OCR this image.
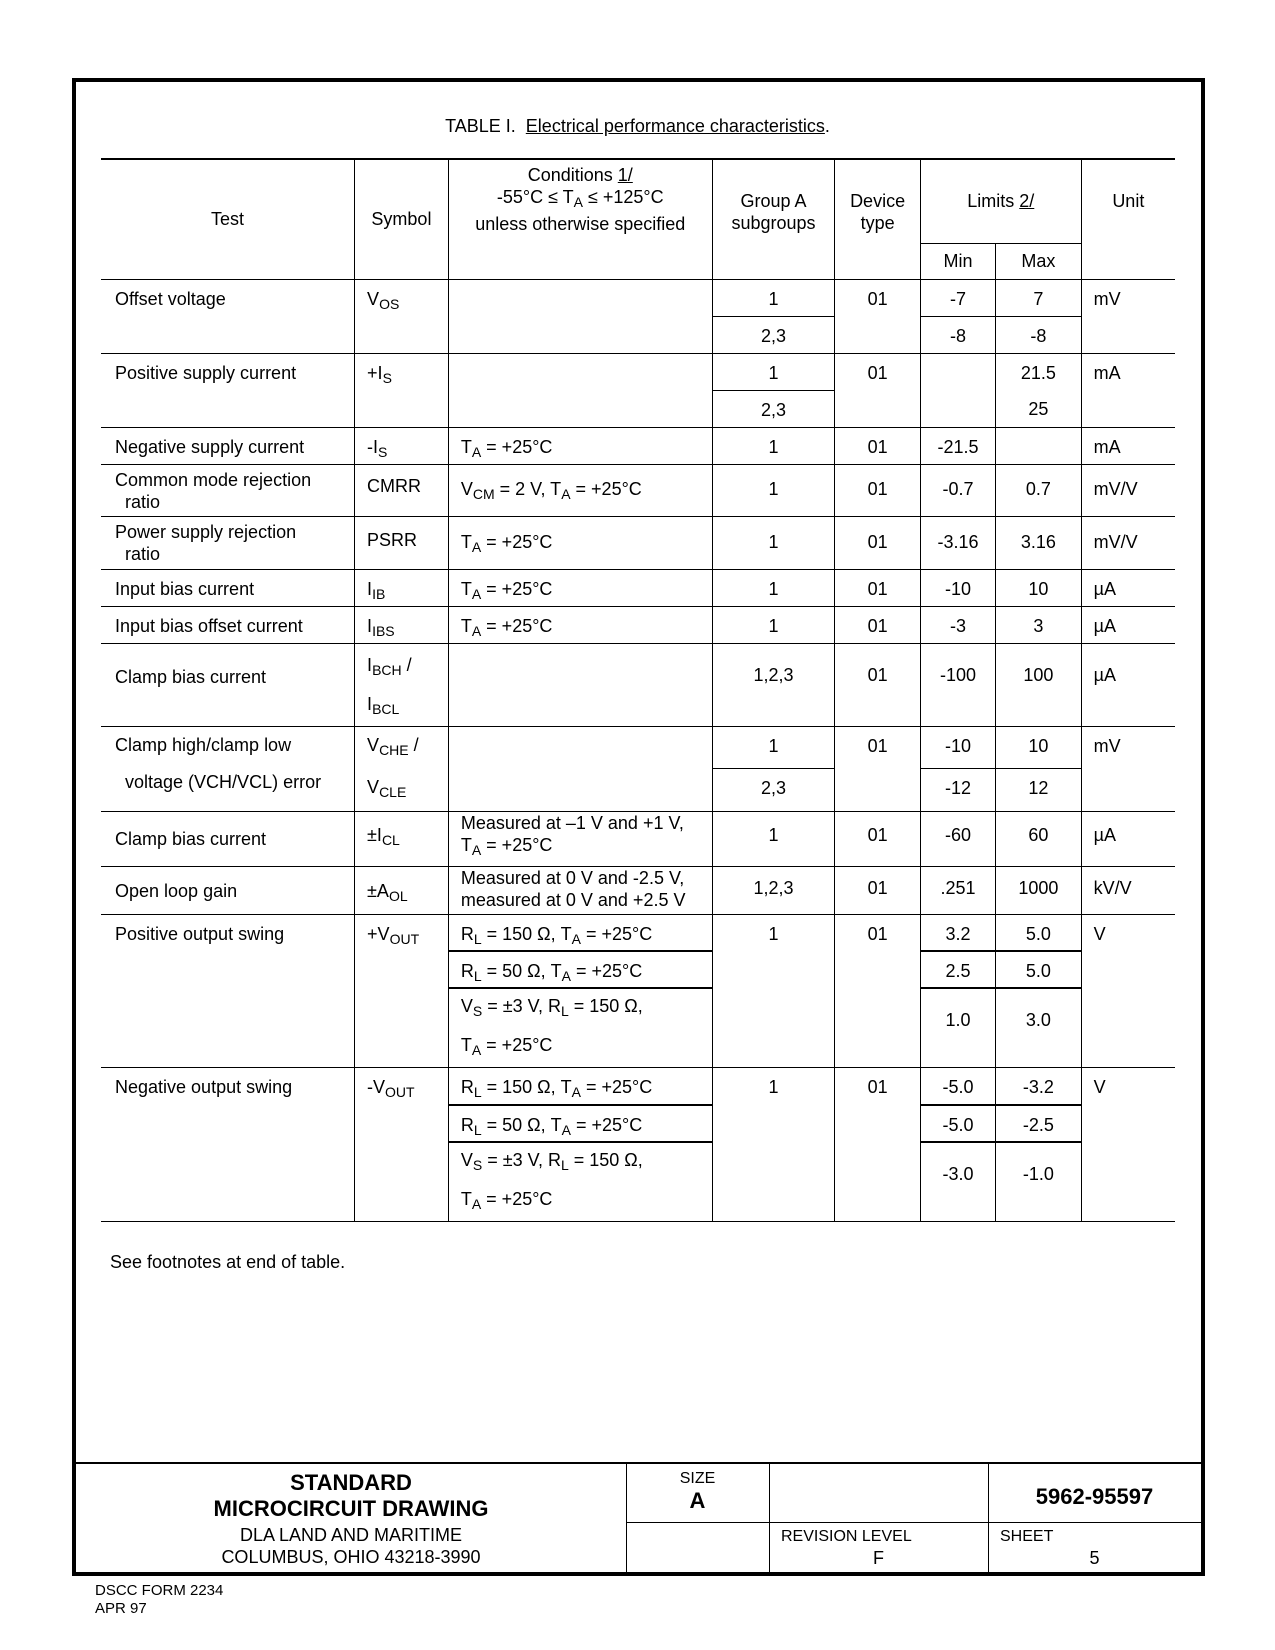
TABLE I. Electrical performance characteristics.
Test	Symbol	Conditions 1/
$-55^\circ C \le T_A \le +125^\circ C$
unless otherwise specified	Group A
subgroups	Device
type	Limits 2/		Unit
					Min	Max	
Offset voltage	$V_{OS}$		1	01	-7	7	mV
			2,3		-8	-8	
Positive supply current	$+I_S$		1	01		21.5	mA
			2,3			25	
Negative supply current	$-I_S$	$T_A = +25^\circ C$	1	01	-21.5		mA
Common mode rejection
ratio	CMRR	$V_{CM} = 2$ V, $T_A = +25^\circ C$	1	01	-0.7	0.7	mV/V
Power supply rejection
ratio	PSRR	$T_A = +25^\circ C$	1	01	-3.16	3.16	mV/V
Input bias current	$I_{IB}$	$T_A = +25^\circ C$	1	01	-10	10	µA
Input bias offset current	$I_{IBS}$	$T_A = +25^\circ C$	1	01	-3	3	µA
Clamp bias current	$I_{BCH}$ /
$I_{BCL}$		1,2,3	01	-100	100	µA
Clamp high/clamp low
voltage (VCH/VCL) error	$V_{CHE}$ /
$V_{CLE}$		1	01	-10	10	mV
			2,3		-12	12	
Clamp bias current	$\pm I_{CL}$	Measured at –1 V and +1 V,
$T_A = +25^\circ C$	1	01	-60	60	µA
Open loop gain	$\pm A_{OL}$	Measured at 0 V and -2.5 V,
measured at 0 V and +2.5 V	1,2,3	01	.251	1000	kV/V
Positive output swing	$+V_{OUT}$	$R_L = 150$ Ω, $T_A = +25^\circ C$	1	01	3.2	5.0	V
		$R_L = 50$ Ω, $T_A = +25^\circ C$			2.5	5.0	
		$V_S = \pm 3$ V, $R_L = 150$ Ω,
$T_A = +25^\circ C$			1.0	3.0	
Negative output swing	$-V_{OUT}$	$R_L = 150$ Ω, $T_A = +25^\circ C$	1	01	-5.0	-3.2	V
		$R_L = 50$ Ω, $T_A = +25^\circ C$			-5.0	-2.5	
		$V_S = \pm 3$ V, $R_L = 150$ Ω,
$T_A = +25^\circ C$			-3.0	-1.0	
See footnotes at end of table.
STANDARD
MICROCIRCUIT DRAWING
DLA LAND AND MARITIME
COLUMBUS, OHIO 43218-3990
SIZE
A	5962-95597
REVISION LEVEL
F
SHEET
5
DSCC FORM 2234
APR 97
